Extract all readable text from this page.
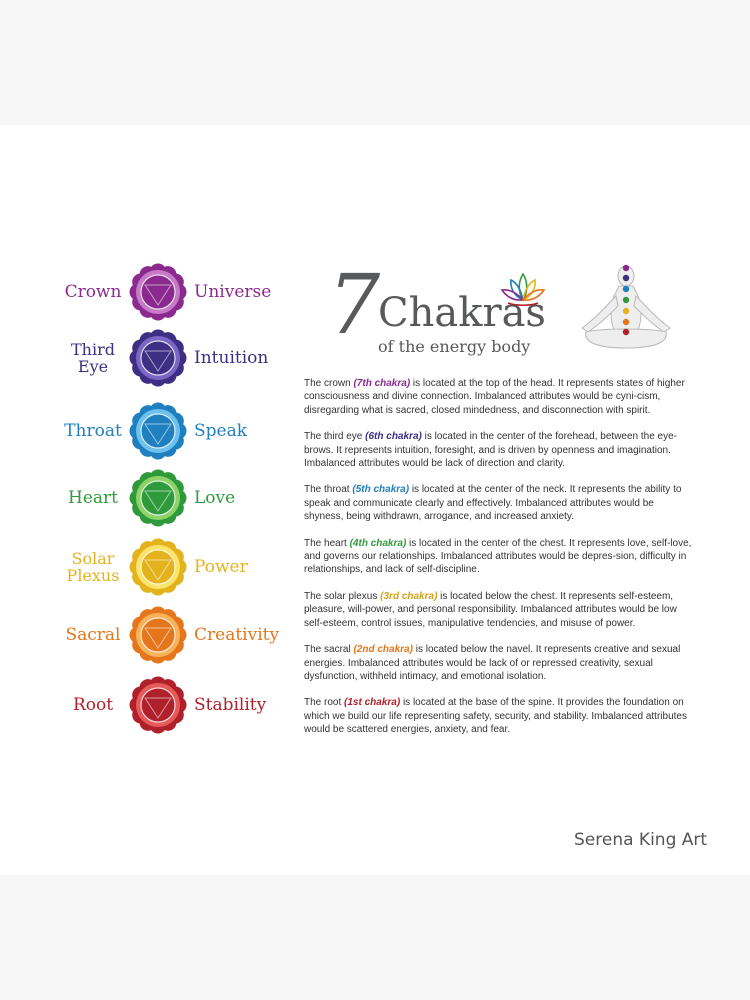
Crown	Universe
Third
Eye	Intuition
Throat	Speak
Heart	Love
Solar
Plexus	Power
Sacral	Creativity
Root	Stability
7
Chakras
of the energy body

The crown (7th chakra) is located at the top of the head. It represents states of higher consciousness and divine connection. Imbalanced attributes would be cyni-cism, disregarding what is sacred, closed mindedness, and disconnection with spirit.

The third eye (6th chakra) is located in the center of the forehead, between the eye-brows. It represents intuition, foresight, and is driven by openness and imagination. Imbalanced attributes would be lack of direction and clarity.

The throat (5th chakra) is located at the center of the neck. It represents the ability to speak and communicate clearly and effectively. Imbalanced attributes would be shyness, being withdrawn, arrogance, and increased anxiety.

The heart (4th chakra) is located in the center of the chest. It represents love, self-love, and governs our relationships. Imbalanced attributes would be depres-sion, difficulty in relationships, and lack of self-discipline.

The solar plexus (3rd chakra) is located below the chest. It represents self-esteem, pleasure, will-power, and personal responsibility. Imbalanced attributes would be low self-esteem, control issues, manipulative tendencies, and misuse of power.

The sacral (2nd chakra) is located below the navel. It represents creative and sexual energies. Imbalanced attributes would be lack of or repressed creativity, sexual dysfunction, withheld intimacy, and emotional isolation.

The root (1st chakra) is located at the base of the spine. It provides the foundation on which we build our life representing safety, security, and stability. Imbalanced attributes would be scattered energies, anxiety, and fear.

Serena King Art
